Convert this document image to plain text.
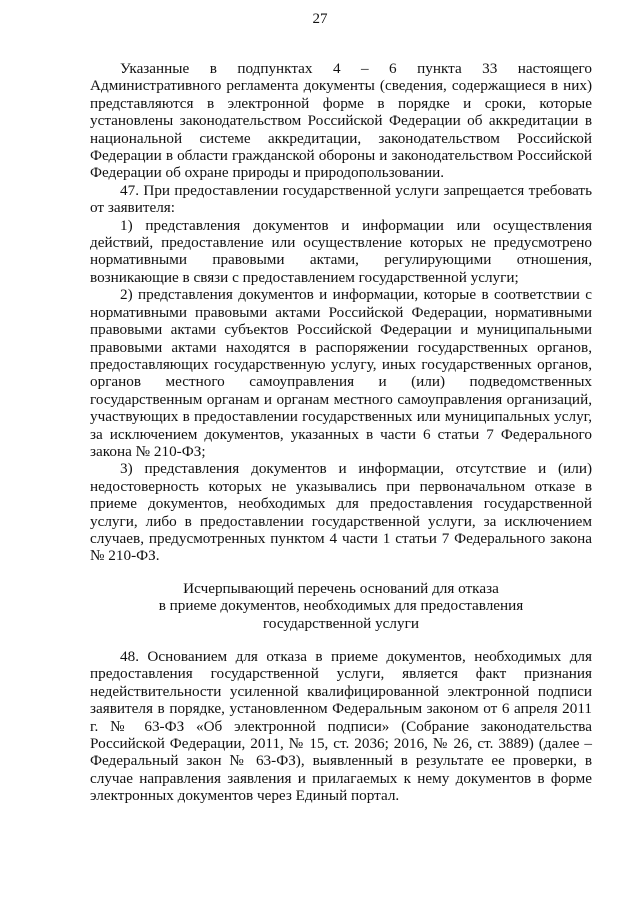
27

Указанные в подпунктах 4 – 6 пункта 33 настоящего Административного регламента документы (сведения, содержащиеся в них) представляются в электронной форме в порядке и сроки, которые установлены законодательством Российской Федерации об аккредитации в национальной системе аккредитации, законодательством Российской Федерации в области гражданской обороны и законодательством Российской Федерации об охране природы и природопользовании.

47. При предоставлении государственной услуги запрещается требовать от заявителя:

1) представления документов и информации или осуществления действий, предоставление или осуществление которых не предусмотрено нормативными правовыми актами, регулирующими отношения, возникающие в связи с предоставлением государственной услуги;

2) представления документов и информации, которые в соответствии с нормативными правовыми актами Российской Федерации, нормативными правовыми актами субъектов Российской Федерации и муниципальными правовыми актами находятся в распоряжении государственных органов, предоставляющих государственную услугу, иных государственных органов, органов местного самоуправления и (или) подведомственных государственным органам и органам местного самоуправления организаций, участвующих в предоставлении государственных или муниципальных услуг, за исключением документов, указанных в части 6 статьи 7 Федерального закона № 210-ФЗ;

3) представления документов и информации, отсутствие и (или) недостоверность которых не указывались при первоначальном отказе в приеме документов, необходимых для предоставления государственной услуги, либо в предоставлении государственной услуги, за исключением случаев, предусмотренных пунктом 4 части 1 статьи 7 Федерального закона № 210-ФЗ.

Исчерпывающий перечень оснований для отказа
в приеме документов, необходимых для предоставления
государственной услуги

48. Основанием для отказа в приеме документов, необходимых для предоставления государственной услуги, является факт признания недействительности усиленной квалифицированной электронной подписи заявителя в порядке, установленном Федеральным законом от 6 апреля 2011 г. № 63-ФЗ «Об электронной подписи» (Собрание законодательства Российской Федерации, 2011, № 15, ст. 2036; 2016, № 26, ст. 3889) (далее – Федеральный закон № 63-ФЗ), выявленный в результате ее проверки, в случае направления заявления и прилагаемых к нему документов в форме электронных документов через Единый портал.
